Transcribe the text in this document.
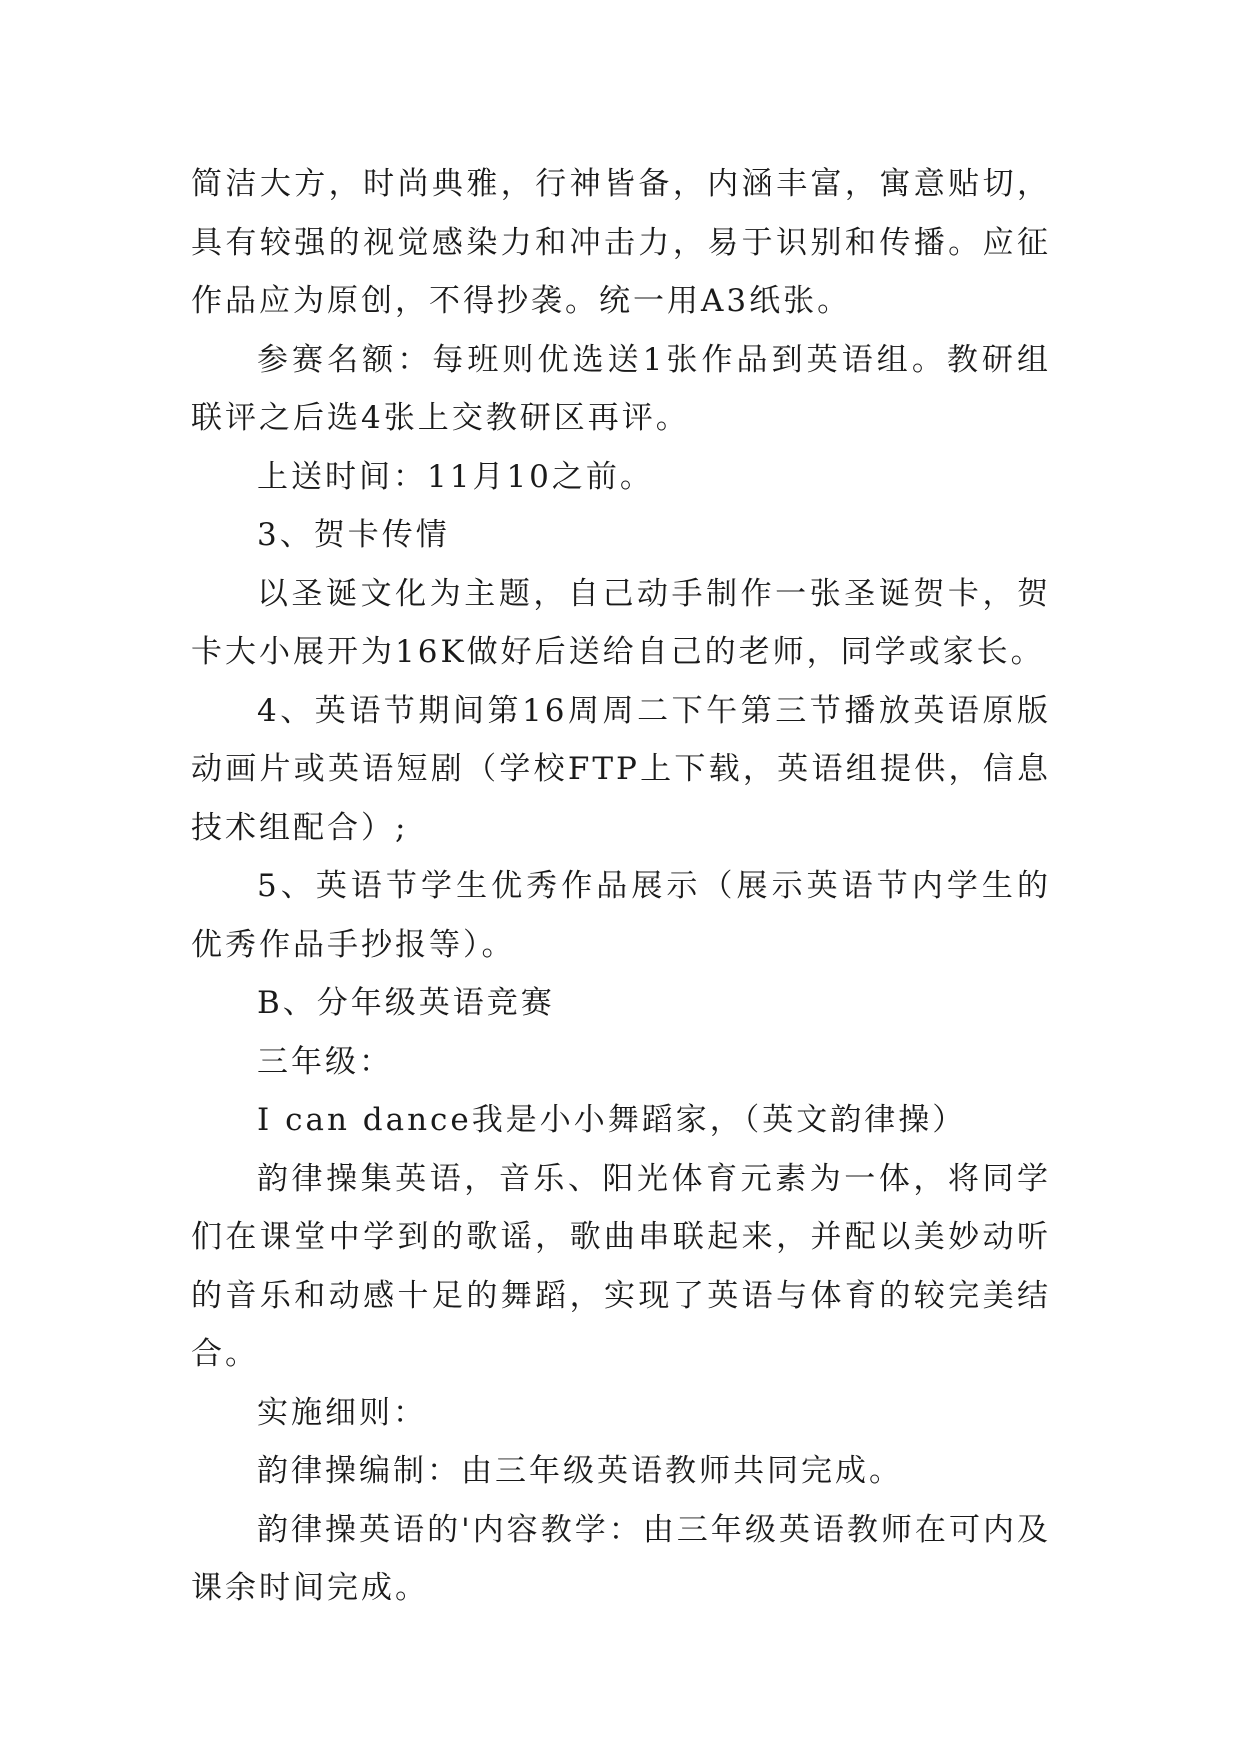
简洁大方，时尚典雅，行神皆备，内涵丰富，寓意贴切，具有较强的视觉感染力和冲击力，易于识别和传播。应征作品应为原创，不得抄袭。统一用A3纸张。

参赛名额：每班则优选送1张作品到英语组。教研组联评之后选4张上交教研区再评。

上送时间：11月10之前。

3、贺卡传情

以圣诞文化为主题，自己动手制作一张圣诞贺卡，贺卡大小展开为16K做好后送给自己的老师，同学或家长。

4、英语节期间第16周周二下午第三节播放英语原版动画片或英语短剧（学校FTP上下载，英语组提供，信息技术组配合）;

5、英语节学生优秀作品展示（展示英语节内学生的优秀作品手抄报等）。

B、分年级英语竞赛

三年级：

I can dance我是小小舞蹈家，（英文韵律操）

韵律操集英语，音乐、阳光体育元素为一体，将同学们在课堂中学到的歌谣，歌曲串联起来，并配以美妙动听的音乐和动感十足的舞蹈，实现了英语与体育的较完美结合。

实施细则：

韵律操编制：由三年级英语教师共同完成。

韵律操英语的'内容教学：由三年级英语教师在可内及课余时间完成。
